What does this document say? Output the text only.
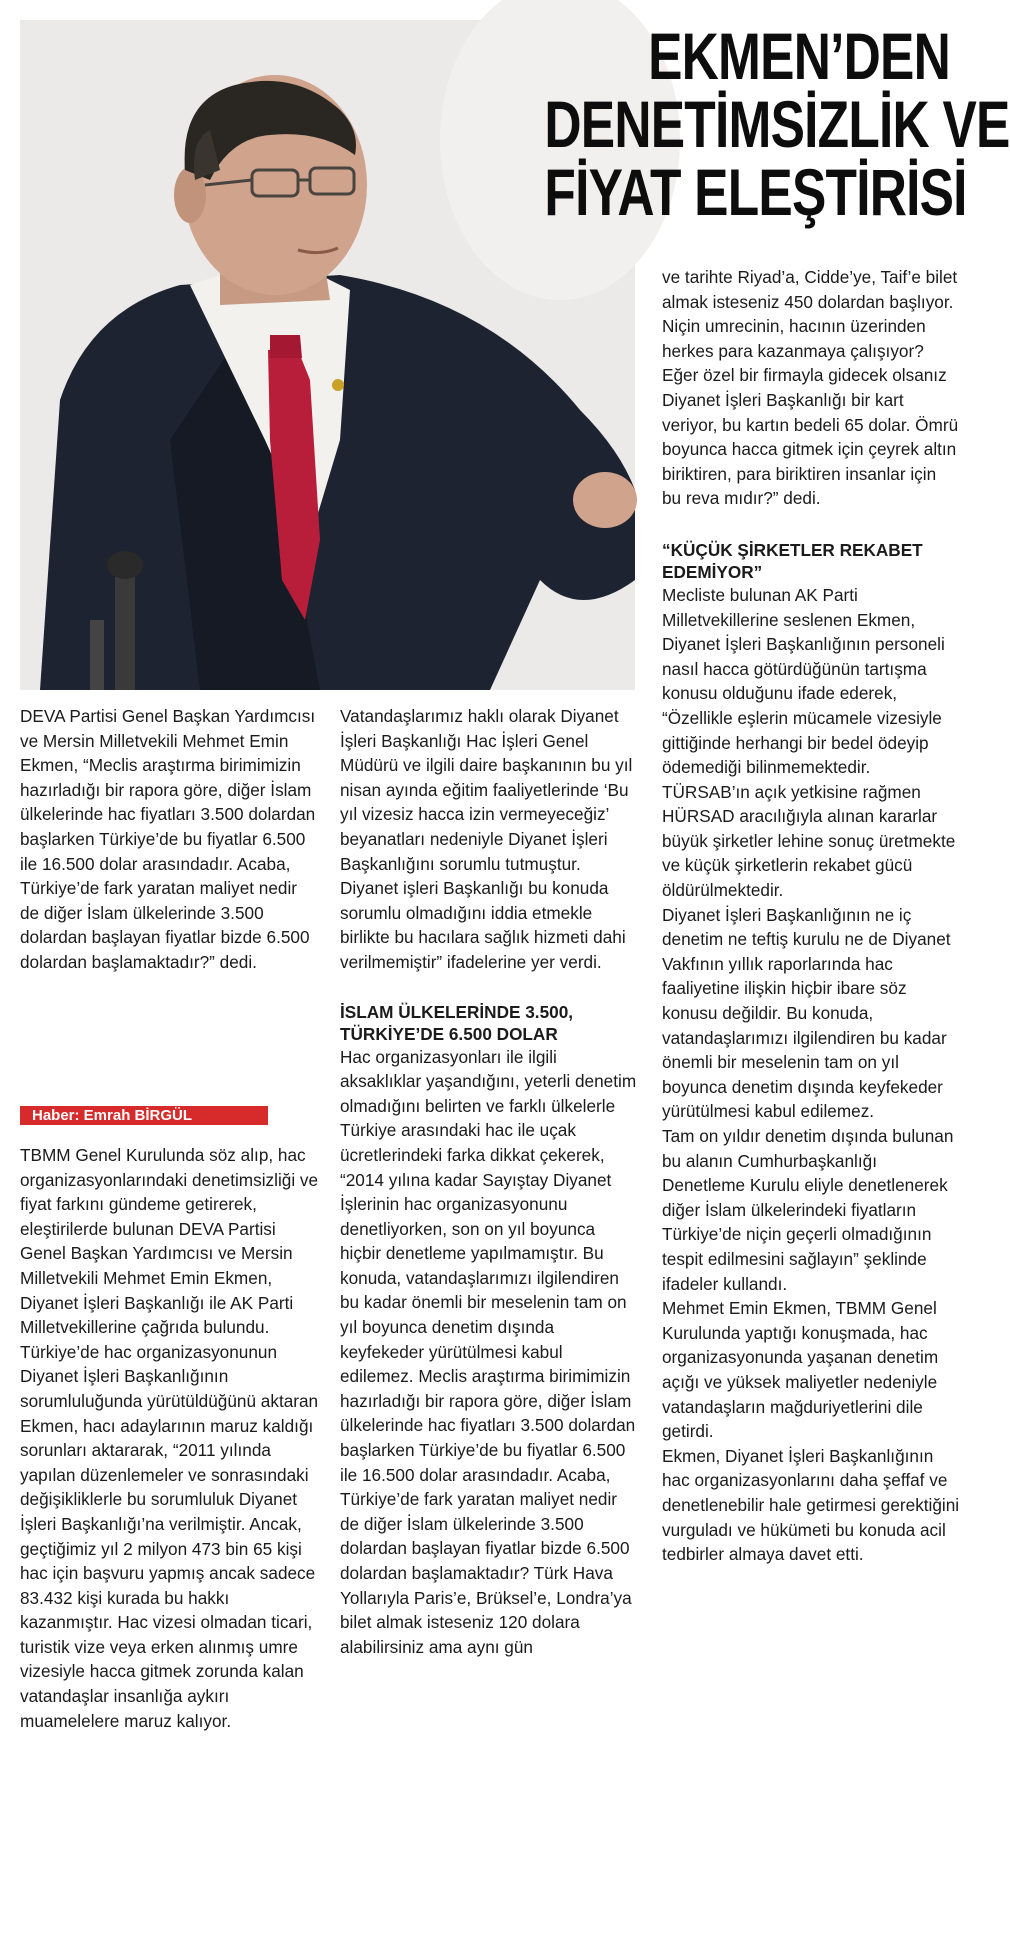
EKMEN’DEN
DENETİMSİZLİK VE
FİYAT ELEŞTİRİSİ

DEVA Partisi Genel Başkan Yardımcısı ve Mersin Milletvekili Mehmet Emin Ekmen, “Meclis araştırma birimimizin hazırladığı bir rapora göre, diğer İslam ülkelerinde hac fiyatları 3.500 dolardan başlarken Türkiye’de bu fiyatlar 6.500 ile 16.500 dolar arasındadır. Acaba, Türkiye’de fark yaratan maliyet nedir de diğer İslam ülkelerinde 3.500 dolardan başlayan fiyatlar bizde 6.500 dolardan başlamaktadır?” dedi.

Haber: Emrah BİRGÜL

TBMM Genel Kurulunda söz alıp, hac organizasyonlarındaki denetimsizliği ve fiyat farkını gündeme getirerek, eleştirilerde bulunan DEVA Partisi Genel Başkan Yardımcısı ve Mersin Milletvekili Mehmet Emin Ekmen, Diyanet İşleri Başkanlığı ile AK Parti Milletvekillerine çağrıda bulundu. Türkiye’de hac organizasyonunun Diyanet İşleri Başkanlığının sorumluluğunda yürütüldüğünü aktaran Ekmen, hacı adaylarının maruz kaldığı sorunları aktararak, “2011 yılında yapılan düzenlemeler ve sonrasındaki değişikliklerle bu sorumluluk Diyanet İşleri Başkanlığı’na verilmiştir. Ancak, geçtiğimiz yıl 2 milyon 473 bin 65 kişi hac için başvuru yapmış ancak sadece 83.432 kişi kurada bu hakkı kazanmıştır. Hac vizesi olmadan ticari, turistik vize veya erken alınmış umre vizesiyle hacca gitmek zorunda kalan vatandaşlar insanlığa aykırı muamelelere maruz kalıyor.

Vatandaşlarımız haklı olarak Diyanet İşleri Başkanlığı Hac İşleri Genel Müdürü ve ilgili daire başkanının bu yıl nisan ayında eğitim faaliyetlerinde ‘Bu yıl vizesiz hacca izin vermeyeceğiz’ beyanatları nedeniyle Diyanet İşleri Başkanlığını sorumlu tutmuştur. Diyanet işleri Başkanlığı bu konuda sorumlu olmadığını iddia etmekle birlikte bu hacılara sağlık hizmeti dahi verilmemiştir” ifadelerine yer verdi.

İSLAM ÜLKELERİNDE 3.500, TÜRKİYE’DE 6.500 DOLAR

Hac organizasyonları ile ilgili aksaklıklar yaşandığını, yeterli denetim olmadığını belirten ve farklı ülkelerle Türkiye arasındaki hac ile uçak ücretlerindeki farka dikkat çekerek, “2014 yılına kadar Sayıştay Diyanet İşlerinin hac organizasyonunu denetliyorken, son on yıl boyunca hiçbir denetleme yapılmamıştır. Bu konuda, vatandaşlarımızı ilgilendiren bu kadar önemli bir meselenin tam on yıl boyunca denetim dışında keyfekeder yürütülmesi kabul edilemez. Meclis araştırma birimimizin hazırladığı bir rapora göre, diğer İslam ülkelerinde hac fiyatları 3.500 dolardan başlarken Türkiye’de bu fiyatlar 6.500 ile 16.500 dolar arasındadır. Acaba, Türkiye’de fark yaratan maliyet nedir de diğer İslam ülkelerinde 3.500 dolardan başlayan fiyatlar bizde 6.500 dolardan başlamaktadır? Türk Hava Yollarıyla Paris’e, Brüksel’e, Londra’ya bilet almak isteseniz 120 dolara alabilirsiniz ama aynı gün

ve tarihte Riyad’a, Cidde’ye, Taif’e bilet almak isteseniz 450 dolardan başlıyor. Niçin umrecinin, hacının üzerinden herkes para kazanmaya çalışıyor? Eğer özel bir firmayla gidecek olsanız Diyanet İşleri Başkanlığı bir kart veriyor, bu kartın bedeli 65 dolar. Ömrü boyunca hacca gitmek için çeyrek altın biriktiren, para biriktiren insanlar için bu reva mıdır?” dedi.

“KÜÇÜK ŞİRKETLER REKABET EDEMİYOR”

Mecliste bulunan AK Parti Milletvekillerine seslenen Ekmen, Diyanet İşleri Başkanlığının personeli nasıl hacca götürdüğünün tartışma konusu olduğunu ifade ederek, “Özellikle eşlerin mücamele vizesiyle gittiğinde herhangi bir bedel ödeyip ödemediği bilinmemektedir. TÜRSAB’ın açık yetkisine rağmen HÜRSAD aracılığıyla alınan kararlar büyük şirketler lehine sonuç üretmekte ve küçük şirketlerin rekabet gücü öldürülmektedir.

Diyanet İşleri Başkanlığının ne iç denetim ne teftiş kurulu ne de Diyanet Vakfının yıllık raporlarında hac faaliyetine ilişkin hiçbir ibare söz konusu değildir. Bu konuda, vatandaşlarımızı ilgilendiren bu kadar önemli bir meselenin tam on yıl boyunca denetim dışında keyfekeder yürütülmesi kabul edilemez.

Tam on yıldır denetim dışında bulunan bu alanın Cumhurbaşkanlığı Denetleme Kurulu eliyle denetlenerek diğer İslam ülkelerindeki fiyatların Türkiye’de niçin geçerli olmadığının tespit edilmesini sağlayın” şeklinde ifadeler kullandı.

Mehmet Emin Ekmen, TBMM Genel Kurulunda yaptığı konuşmada, hac organizasyonunda yaşanan denetim açığı ve yüksek maliyetler nedeniyle vatandaşların mağduriyetlerini dile getirdi.

Ekmen, Diyanet İşleri Başkanlığının hac organizasyonlarını daha şeffaf ve denetlenebilir hale getirmesi gerektiğini vurguladı ve hükümeti bu konuda acil tedbirler almaya davet etti.
